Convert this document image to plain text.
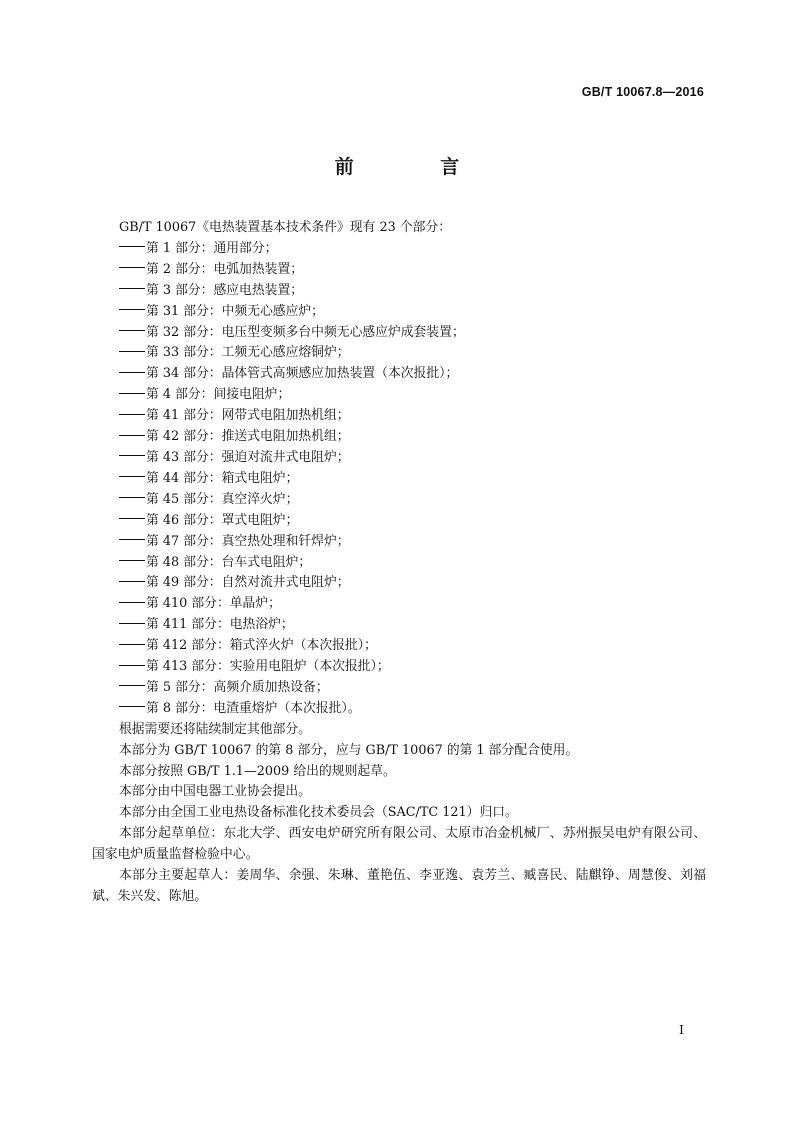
GB/T 10067.8—2016
前 言

GB/T 10067《电热装置基本技术条件》现有 23 个部分：

第 1 部分：通用部分；

第 2 部分：电弧加热装置；

第 3 部分：感应电热装置；

第 31 部分：中频无心感应炉；

第 32 部分：电压型变频多台中频无心感应炉成套装置；

第 33 部分：工频无心感应熔铜炉；

第 34 部分：晶体管式高频感应加热装置（本次报批）；

第 4 部分：间接电阻炉；

第 41 部分：网带式电阻加热机组；

第 42 部分：推送式电阻加热机组；

第 43 部分：强迫对流井式电阻炉；

第 44 部分：箱式电阻炉；

第 45 部分：真空淬火炉；

第 46 部分：罩式电阻炉；

第 47 部分：真空热处理和钎焊炉；

第 48 部分：台车式电阻炉；

第 49 部分：自然对流井式电阻炉；

第 410 部分：单晶炉；

第 411 部分：电热浴炉；

第 412 部分：箱式淬火炉（本次报批）；

第 413 部分：实验用电阻炉（本次报批）；

第 5 部分：高频介质加热设备；

第 8 部分：电渣重熔炉（本次报批）。

根据需要还将陆续制定其他部分。

本部分为 GB/T 10067 的第 8 部分，应与 GB/T 10067 的第 1 部分配合使用。

本部分按照 GB/T 1.1—2009 给出的规则起草。

本部分由中国电器工业协会提出。

本部分由全国工业电热设备标准化技术委员会（SAC/TC 121）归口。

本部分起草单位：东北大学、西安电炉研究所有限公司、太原市冶金机械厂、苏州振吴电炉有限公司、国家电炉质量监督检验中心。

本部分主要起草人：姜周华、余强、朱琳、董艳伍、李亚逸、袁芳兰、臧喜民、陆麒铮、周慧俊、刘福斌、朱兴发、陈旭。

I
